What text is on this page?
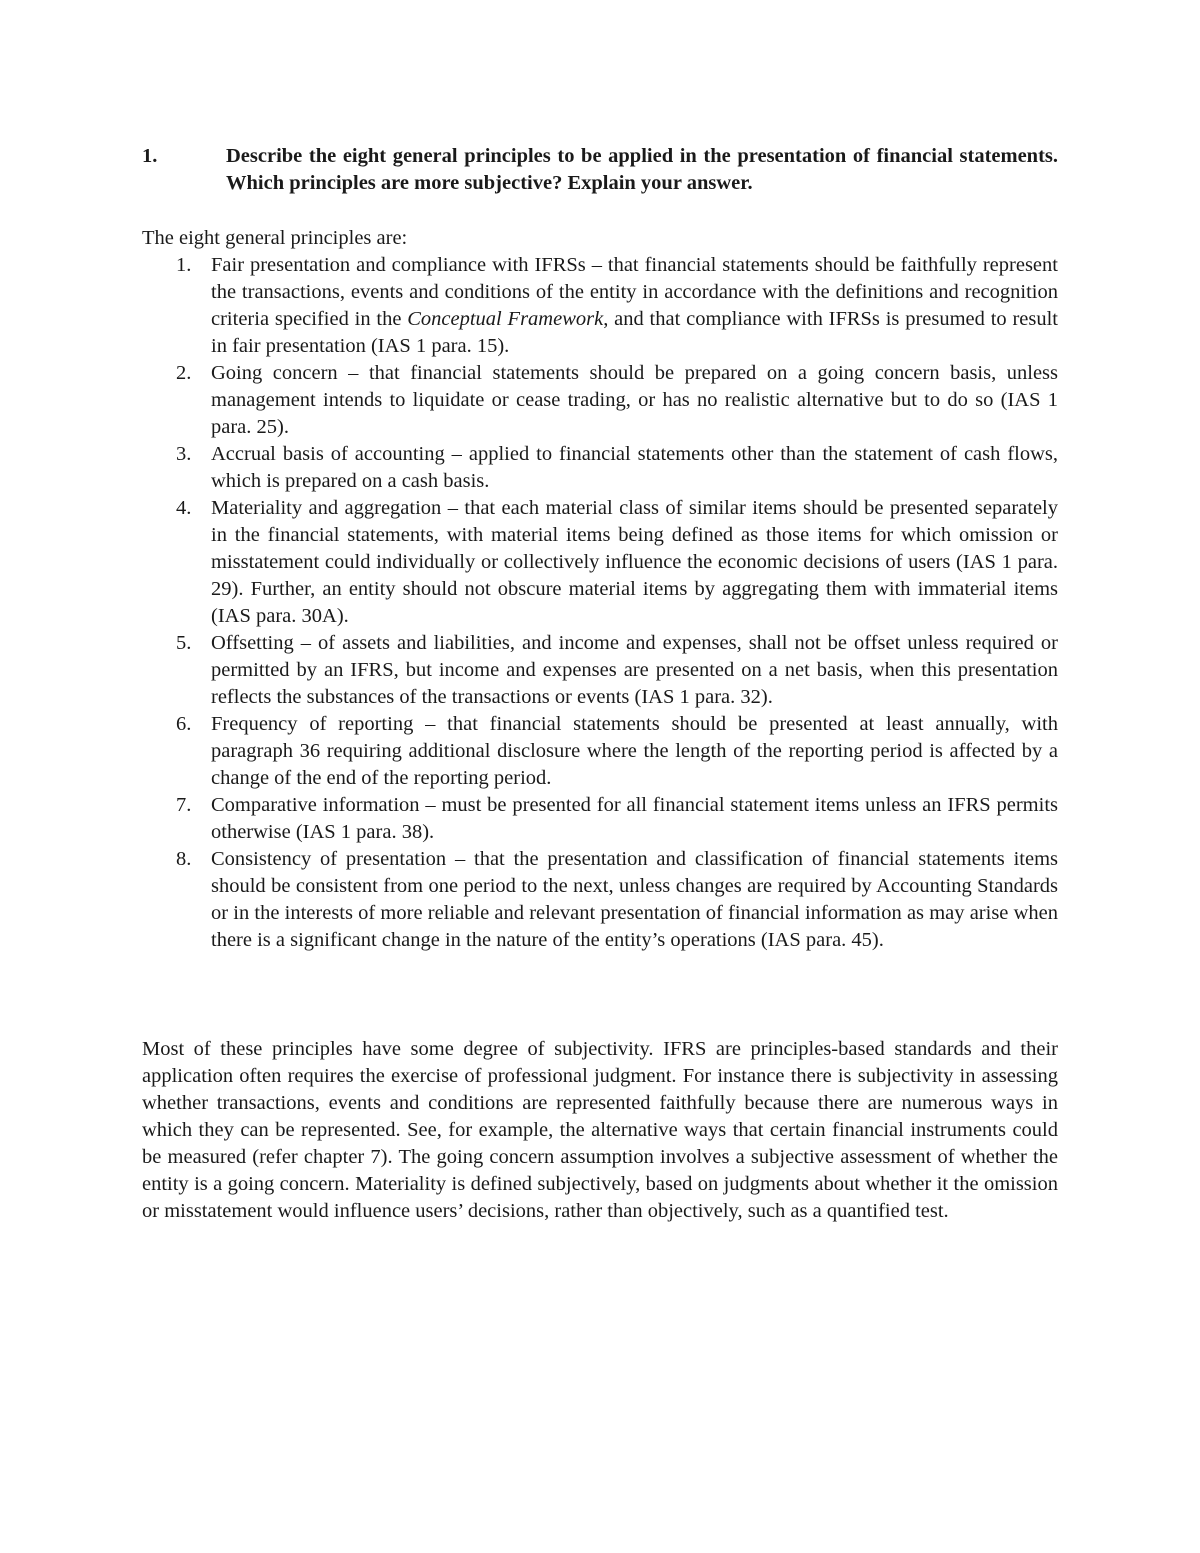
1.	Describe the eight general principles to be applied in the presentation of financial statements. Which principles are more subjective? Explain your answer.
The eight general principles are:
1. Fair presentation and compliance with IFRSs – that financial statements should be faithfully represent the transactions, events and conditions of the entity in accordance with the definitions and recognition criteria specified in the Conceptual Framework, and that compliance with IFRSs is presumed to result in fair presentation (IAS 1 para. 15).
2. Going concern – that financial statements should be prepared on a going concern basis, unless management intends to liquidate or cease trading, or has no realistic alternative but to do so (IAS 1 para. 25).
3. Accrual basis of accounting – applied to financial statements other than the statement of cash flows, which is prepared on a cash basis.
4. Materiality and aggregation – that each material class of similar items should be presented separately in the financial statements, with material items being defined as those items for which omission or misstatement could individually or collectively influence the economic decisions of users (IAS 1 para. 29). Further, an entity should not obscure material items by aggregating them with immaterial items (IAS para. 30A).
5. Offsetting – of assets and liabilities, and income and expenses, shall not be offset unless required or permitted by an IFRS, but income and expenses are presented on a net basis, when this presentation reflects the substances of the transactions or events (IAS 1 para. 32).
6. Frequency of reporting – that financial statements should be presented at least annually, with paragraph 36 requiring additional disclosure where the length of the reporting period is affected by a change of the end of the reporting period.
7. Comparative information – must be presented for all financial statement items unless an IFRS permits otherwise (IAS 1 para. 38).
8. Consistency of presentation – that the presentation and classification of financial statements items should be consistent from one period to the next, unless changes are required by Accounting Standards or in the interests of more reliable and relevant presentation of financial information as may arise when there is a significant change in the nature of the entity’s operations (IAS para. 45).

Most of these principles have some degree of subjectivity. IFRS are principles-based standards and their application often requires the exercise of professional judgment. For instance there is subjectivity in assessing whether transactions, events and conditions are represented faithfully because there are numerous ways in which they can be represented. See, for example, the alternative ways that certain financial instruments could be measured (refer chapter 7). The going concern assumption involves a subjective assessment of whether the entity is a going concern. Materiality is defined subjectively, based on judgments about whether it the omission or misstatement would influence users’ decisions, rather than objectively, such as a quantified test.
